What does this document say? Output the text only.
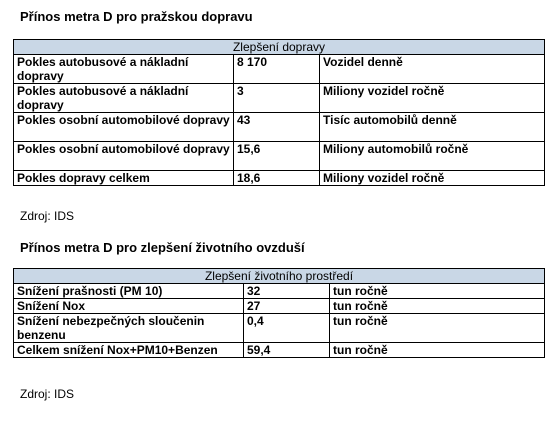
Přínos metra D pro pražskou dopravu
Zlepšení dopravy		
Pokles autobusové a nákladní dopravy	8 170	Vozidel denně
Pokles autobusové a nákladní dopravy	3	Miliony vozidel ročně
Pokles osobní automobilové dopravy	43	Tisíc automobilů denně
Pokles osobní automobilové dopravy	15,6	Miliony automobilů ročně
Pokles dopravy celkem	18,6	Miliony vozidel ročně
Zdroj: IDS
Přínos metra D pro zlepšení životního ovzduší
Zlepšení životního prostředí		
Snížení prašnosti (PM 10)	32	tun ročně
Snížení Nox	27	tun ročně
Snížení nebezpečných sloučenin benzenu	0,4	tun ročně
Celkem snížení Nox+PM10+Benzen	59,4	tun ročně
Zdroj: IDS
